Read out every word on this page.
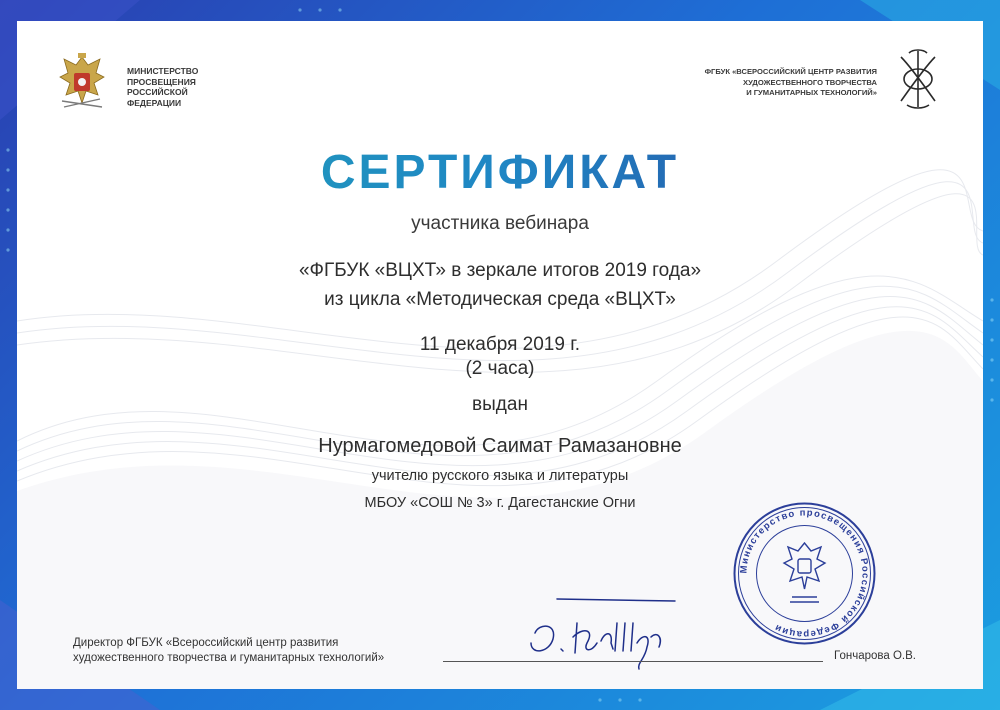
МИНИСТЕРСТВО
ПРОСВЕЩЕНИЯ
РОССИЙСКОЙ
ФЕДЕРАЦИИ
ФГБУК «ВСЕРОССИЙСКИЙ ЦЕНТР РАЗВИТИЯ
ХУДОЖЕСТВЕННОГО ТВОРЧЕСТВА
И ГУМАНИТАРНЫХ ТЕХНОЛОГИЙ»
СЕРТИФИКАТ
участника вебинара
«ФГБУК «ВЦХТ» в зеркале итогов 2019 года»
из цикла «Методическая среда «ВЦХТ»
11 декабря 2019 г.
(2 часа)
выдан
Нурмагомедовой Саимат Рамазановне
учителю русского языка и литературы
МБОУ «СОШ № 3» г. Дагестанские Огни
Министерство просвещения Российской Федерации
Директор ФГБУК «Всероссийский центр развития
художественного творчества и гуманитарных технологий»	Гончарова О.В.
